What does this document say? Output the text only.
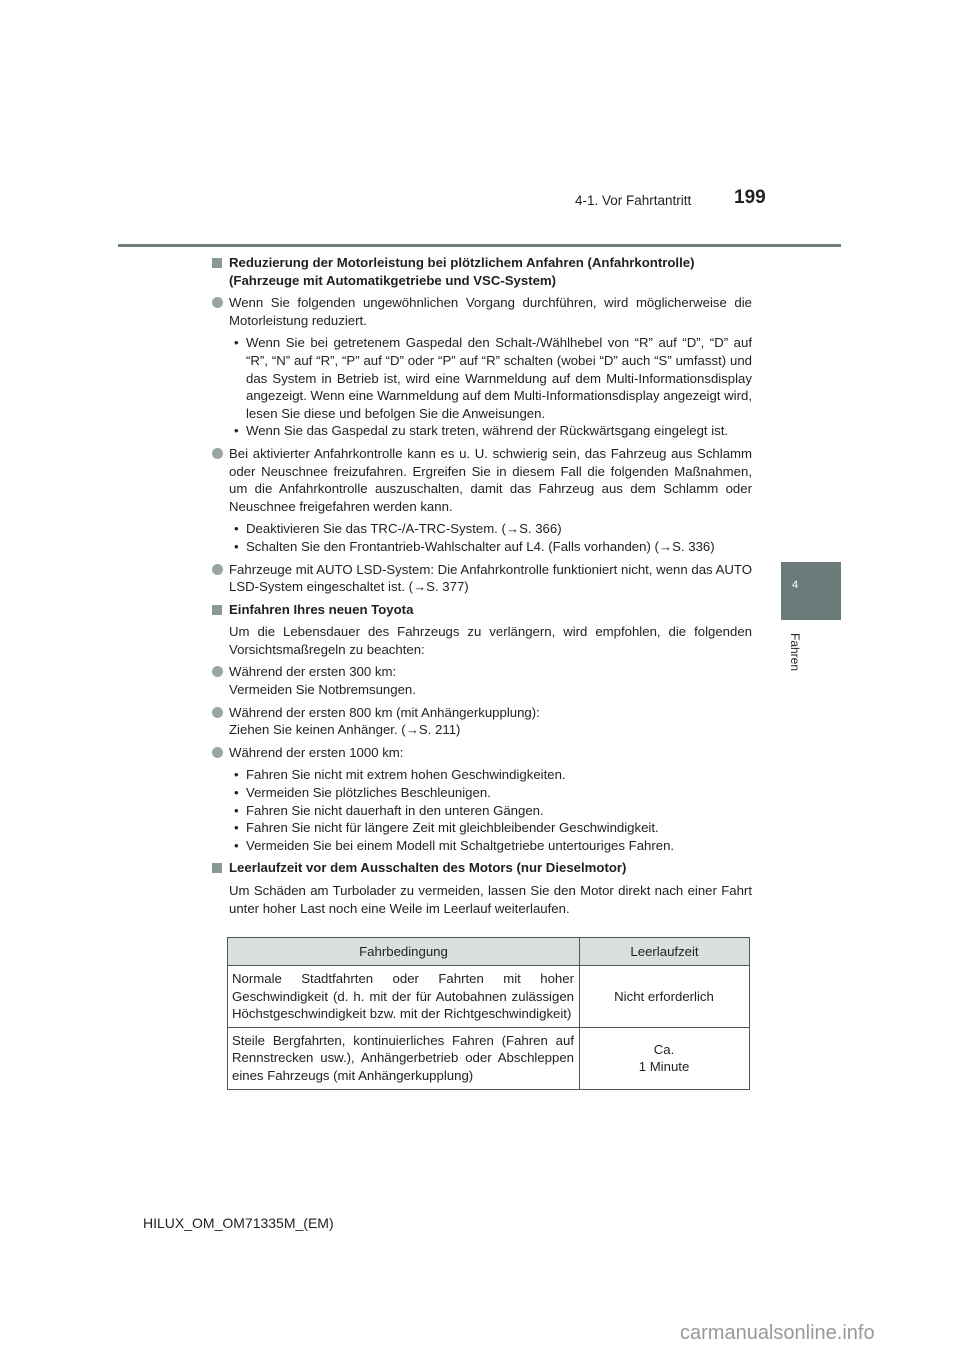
4-1. Vor Fahrtantritt 199
4
Fahren
Reduzierung der Motorleistung bei plötzlichem Anfahren (Anfahrkontrolle) (Fahrzeuge mit Automatikgetriebe und VSC-System)
Wenn Sie folgenden ungewöhnlichen Vorgang durchführen, wird möglicherweise die Motorleistung reduziert.
• Wenn Sie bei getretenem Gaspedal den Schalt-/Wählhebel von “R” auf “D”, “D” auf “R”, “N” auf “R”, “P” auf “D” oder “P” auf “R” schalten (wobei “D” auch “S” umfasst) und das System in Betrieb ist, wird eine Warnmeldung auf dem Multi-Informationsdisplay angezeigt. Wenn eine Warnmeldung auf dem Multi-Informationsdisplay angezeigt wird, lesen Sie diese und befolgen Sie die Anweisungen.
• Wenn Sie das Gaspedal zu stark treten, während der Rückwärtsgang eingelegt ist.
Bei aktivierter Anfahrkontrolle kann es u. U. schwierig sein, das Fahrzeug aus Schlamm oder Neuschnee freizufahren. Ergreifen Sie in diesem Fall die folgenden Maßnahmen, um die Anfahrkontrolle auszuschalten, damit das Fahrzeug aus dem Schlamm oder Neuschnee freigefahren werden kann.
• Deaktivieren Sie das TRC-/A-TRC-System. (→S. 366)
• Schalten Sie den Frontantrieb-Wahlschalter auf L4. (Falls vorhanden) (→S. 336)
Fahrzeuge mit AUTO LSD-System: Die Anfahrkontrolle funktioniert nicht, wenn das AUTO LSD-System eingeschaltet ist. (→S. 377)
Einfahren Ihres neuen Toyota
Um die Lebensdauer des Fahrzeugs zu verlängern, wird empfohlen, die folgenden Vorsichtsmaßregeln zu beachten:
Während der ersten 300 km:
Vermeiden Sie Notbremsungen.
Während der ersten 800 km (mit Anhängerkupplung):
Ziehen Sie keinen Anhänger. (→S. 211)
Während der ersten 1000 km:
• Fahren Sie nicht mit extrem hohen Geschwindigkeiten.
• Vermeiden Sie plötzliches Beschleunigen.
• Fahren Sie nicht dauerhaft in den unteren Gängen.
• Fahren Sie nicht für längere Zeit mit gleichbleibender Geschwindigkeit.
• Vermeiden Sie bei einem Modell mit Schaltgetriebe untertouriges Fahren.
Leerlaufzeit vor dem Ausschalten des Motors (nur Dieselmotor)
Um Schäden am Turbolader zu vermeiden, lassen Sie den Motor direkt nach einer Fahrt unter hoher Last noch eine Weile im Leerlauf weiterlaufen.
Fahrbedingung	Leerlaufzeit
Normale Stadtfahrten oder Fahrten mit hoher Geschwindigkeit (d. h. mit der für Autobahnen zulässigen Höchstgeschwindigkeit bzw. mit der Richtgeschwindigkeit)	Nicht erforderlich
Steile Bergfahrten, kontinuierliches Fahren (Fahren auf Rennstrecken usw.), Anhängerbetrieb oder Abschleppen eines Fahrzeugs (mit Anhängerkupplung)	Ca.
1 Minute
HILUX_OM_OM71335M_(EM)
carmanualsonline.info
